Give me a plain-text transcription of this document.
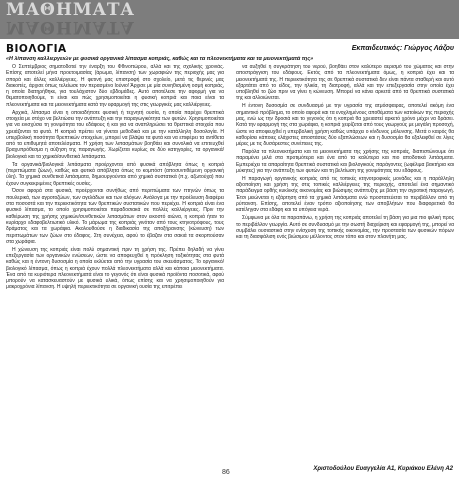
ΜΑΘΗΜΑΤΑ
ΜΑΘΗΜΑΤΑ
ΒΙΟΛΟΓΙΑ	Εκπαιδευτικός: Γιώργος Λάζου
«Η λίπανση καλλιεργειών με φυσικά οργανικά λίπασμα κοπριάς, καθώς και τα πλεονεκτήματα και τα μειονεκτήματά της»

Ο Σεπτέμβριος σηματοδοτεί την έναρξη του Φθινοπώρου, αλλά και της σχολικής χρονιάς. Επίσης αποτελεί μήνα προετοιμασίας (άρωμα, λίπανση) των χωραφιών της περιοχής μας για σπορά και άλλες καλλιέργειες. Η φετινή μας επιστροφή στο σχολείο, μετά τις θερινές μας διακοπές, άρχισε όπως τελείωσε τον περασμένο Ιούνιο! Άρχισε με μία συνηθισμένη οσμή κοπριάς, η οποία διατηρήθηκε, για τουλάχιστον δύο εβδομάδες. Αυτό αποτέλεσε την αφορμή για να θεματοποιηθούμε, τι είναι και πώς χρησιμοποιείται η φυσική κοπριά και ποια είναι τα πλεονεκτήματα και τα μειονεκτήματα κατά την εφαρμογή της στις γεωργικές μας καλλιέργειες.

Αρχικά, λίπασμα είναι η οποιαδήποτε φυσική ή τεχνητή ουσία, η οποία παρέχει θρεπτικά στοιχεία με στόχο να βελτιώσει την ανάπτυξη και την παραγωγικότητα των φυτών. Χρησιμοποιείται για να ενισχύσει τη γονιμότητα του εδάφους ή και για να αναπληρώσει τα θρεπτικά στοιχεία που χρειάζονται τα φυτά. Η κοπριά πρέπει να γίνεται μεθοδικά και με την κατάλληλη δοσολογία. Η υπερβολική ποσότητα θρεπτικών στοιχείων, μπορεί να βλάψει τα φυτά και να επιφέρει τα αντίθετα από τα επιθυμητά αποτελέσματα. Η χρήση των λιπασμάτων βοηθάει και συνολικά να επιτευχθεί βραχυπρόθεσμα η αύξηση της παραγωγής. Χωρίζεται κυρίως σε δύο κατηγορίες, τα οργανικά/βιολογικά και τα χημικά/συνθετικά λιπάσματα.

Τα οργανικά/βιολογικά λιπάσματα προέρχονται από φυσικά απόβλητα όπως η κοπριά (περιττώματα ζώων), καθώς και φυτικά απόβλητα όπως το κομπόστ (αποσυντιθέμενη οργανική ύλη). Τα χημικά συνθετικά λιπάσματα, δημιουργούνται από χημικά συστατικά (π.χ. αζωτούχα) που έχουν συγκεκριμένες θρεπτικές ουσίες.

Όσον αφορά στα φυσικά, προέρχονται συνήθως από περιττώματα των πτηνών όπως τα πουλερικά, των αγροτοζώων, των αγελάδων και των αλόγων. Ανάλογα με την προέλευση διαφέρει στα ποσοστά και την περιεκτικότητα των θρεπτικών συστατικών που περιέχει. Η κοπριά είναι ένα φυσικό λίπασμα, το οποίο χρησιμοποιείται παραδοσιακά σε πολλές καλλιέργειες. Πριν την καθιέρωση της χρήσης χημικών/συνθετικών λιπασμάτων στον εικοστό αιώνα, η κοπριά ήταν το κυρίαρχο εδαφοβελτιωτικό υλικό. Το μάρωμα της κοπριάς γινόταν από τους κτηνοτρόφους, τους δράματος και τα χωράφια. Ακολουθούσε η διαδικασία της αποξήρανσης (κώνευση) των περιττωμάτων των ζώων στο έδαφος. Στη συνέχεια, αφού το έβαζαν στα σακιά τα σκορπούσαν στα χωράφια.

Η χώνευση της κοπριάς είναι πολύ σημαντική πριν τη χρήση της. Πρέπει δηλαδή να γίνει επεξεργασία των οργανικών ενώσεων, ώστε να αποφευχθεί η πρόκληση τοξικότητας στα φυτά καθώς και η έντονη δυσοσμία η οποία εκλύεται από την υγρασία του σκευάσματος. Το οργανικό/βιολογικό λίπασμα, όπως η κοπριά έχουν πολλά πλεονεκτήματα αλλά και κάποια μειονεκτήματα. Ένα από τα κυριότερα πλεονεκτήματά είναι το γεγονός ότι είναι φυσικά προϊόντα ποσοτικά, αφού μπορούν να κατασκευαστούν με φυσικά υλικά, όπως επίσης και να χρησιμοποιηθούν για μακροχρόνια λίπανση. Η υψηλή περιεκτικότητα σε οργανική ουσία της επιτρέπει

να αυξηθεί η συγκράτηση του νερού, βοηθάει στον καλύτερο αερισμό του χώματος και στην αποστράγγιση του εδάφους. Εκτός από τα πλεονεκτήματα όμως, η κοπριά έχει και τα μειονεκτήματά της. Η περιεκτικότητα της σε θρεπτικά συστατικά δεν είναι πάντα σταθερή και αυτό εξαρτάται από το είδος, την ηλικία, τη διατροφή, αλλά και την επεξεργασία στην οποία έχει υποβληθεί το ζώο πριν να γίνει η κώνευση. Μπορεί να κάνει αρκετά από τα θρεπτικά συστατικά της και αλλοιώνεται.

Η έντονη δυσοσμία σε συνδυασμό με την υγρασία της ατμόσφαιρας, αποτελεί ακόμη ένα σημαντικό πρόβλημα, το οποίο αφορά και τα ενοχλημένους αποθέματα των κατοίκων της περιοχής μας, ενώ ως την δροσιά και το γεγονός ότι η κοπριά θα χρειαστεί αρκετό χρόνο μέχρι να δράσει. Κατά την εφαρμογή της στα χωράφια, η κοπριά χειρίζεται από τους γεωργούς με μεγάλη προσοχή, ώστε να αποφευχθεί η υπερβολική χρήση καθώς υπάρχει ο κίνδυνος μόλυνσης. Μετά ο καιρός θα καθορίσει κάποιες ελάχιστες αποστάσεις δύο εξαπλώσεων και η δυσοσμία θα εξαλειφθεί σε λίγες μέρες με τις δυσάρεστες συνέπειες της.

Παρόλα τα πλεονεκτήματα και τα μειονεκτήματα της χρήσης της κοπριάς, διαπιστώνουμε ότι παραμένει μιλά στα προτιμότερα και ένα από τα καλύτερα και πιο αποδοτικά λιπάσματα. Εμπεριέχει τα απαραίτητα θρεπτικά συστατικά και βιολογικούς παράγοντες (ωφέλιμα βακτήρια και μύκητες) για την ανάπτυξη των φυτών και τη βελτίωση της γονιμότητας του εδάφους.

Η παραγωγή οργανικής κοπριάς από τις τοπικές κτηνοτροφικές μονάδες και η παράλληλη αξιοποίηση και χρήση της στις τοπικές καλλιέργειες της περιοχής, αποτελεί ένα σημαντικό παράδειγμα ορθής κυκλικής οικονομίας και βιώσιμης ανάπτυξης με βάση την αγροτική παραγωγή. Έτσι μειώνεται η εξάρτηση από τα χημικά λιπάσματα ενώ προστατεύεται το περιβάλλον από τη ρύπανση. Επίσης, αποτελεί έναν τρόπο αξιοποίησης των αποβλήτων που διαφορετικά θα κατέληγαν στα εδάφη και τα υπόγεια νερά.

Σύμφωνα με όλα τα παραπάνω, η χρήση της κοπριάς αποτελεί τη βάση για μια πιο φιλική προς το περιβάλλον γεωργία. Αυτό σε συνδυασμό με την σωστή διαχείριση και εφαρμογή της, μπορεί να συμβάλει ουσιαστικά στην ενίσχυση της τοπικής οικονομίας, την προστασία των φυσικών πόρων και τη διασφάλιση ενός βιώσιμου μέλλοντος στον τόπο και στον πλανήτη μας.

Χριστοδούλου Ευαγγελία Α1, Κυριάκου Ελένη Α2
86
